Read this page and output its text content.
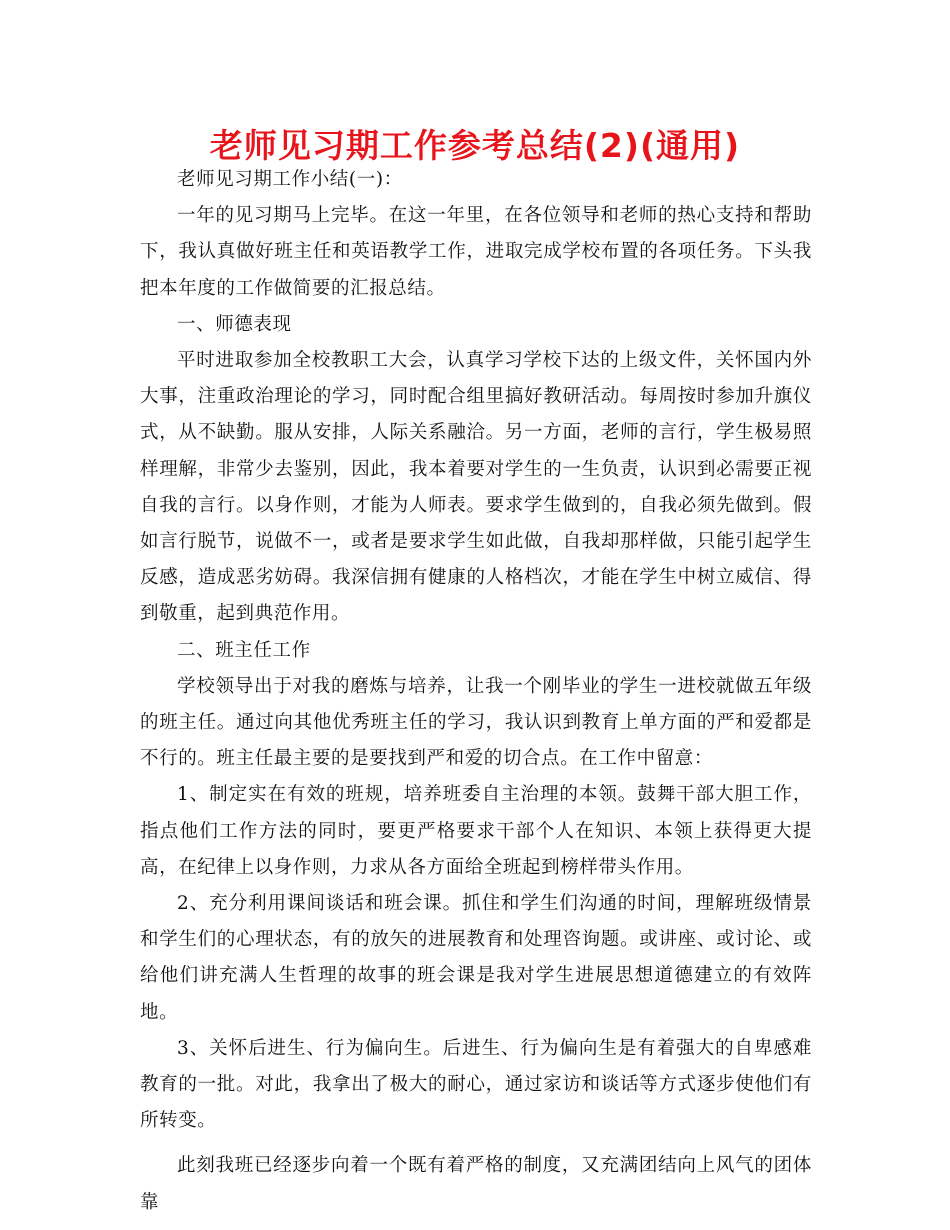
老师见习期工作参考总结(2)(通用)

老师见习期工作小结(一)：

一年的见习期马上完毕。在这一年里，在各位领导和老师的热心支持和帮助下，我认真做好班主任和英语教学工作，进取完成学校布置的各项任务。下头我把本年度的工作做简要的汇报总结。

一、师德表现

平时进取参加全校教职工大会，认真学习学校下达的上级文件，关怀国内外大事，注重政治理论的学习，同时配合组里搞好教研活动。每周按时参加升旗仪式，从不缺勤。服从安排，人际关系融洽。另一方面，老师的言行，学生极易照样理解，非常少去鉴别，因此，我本着要对学生的一生负责，认识到必需要正视自我的言行。以身作则，才能为人师表。要求学生做到的，自我必须先做到。假如言行脱节，说做不一，或者是要求学生如此做，自我却那样做，只能引起学生反感，造成恶劣妨碍。我深信拥有健康的人格档次，才能在学生中树立威信、得到敬重，起到典范作用。

二、班主任工作

学校领导出于对我的磨炼与培养，让我一个刚毕业的学生一进校就做五年级的班主任。通过向其他优秀班主任的学习，我认识到教育上单方面的严和爱都是不行的。班主任最主要的是要找到严和爱的切合点。在工作中留意：

1、制定实在有效的班规，培养班委自主治理的本领。鼓舞干部大胆工作，指点他们工作方法的同时，要更严格要求干部个人在知识、本领上获得更大提高，在纪律上以身作则，力求从各方面给全班起到榜样带头作用。

2、充分利用课间谈话和班会课。抓住和学生们沟通的时间，理解班级情景和学生们的心理状态，有的放矢的进展教育和处理咨询题。或讲座、或讨论、或给他们讲充满人生哲理的故事的班会课是我对学生进展思想道德建立的有效阵地。

3、关怀后进生、行为偏向生。后进生、行为偏向生是有着强大的自卑感难教育的一批。对此，我拿出了极大的耐心，通过家访和谈话等方式逐步使他们有所转变。

此刻我班已经逐步向着一个既有着严格的制度，又充满团结向上风气的团体靠
